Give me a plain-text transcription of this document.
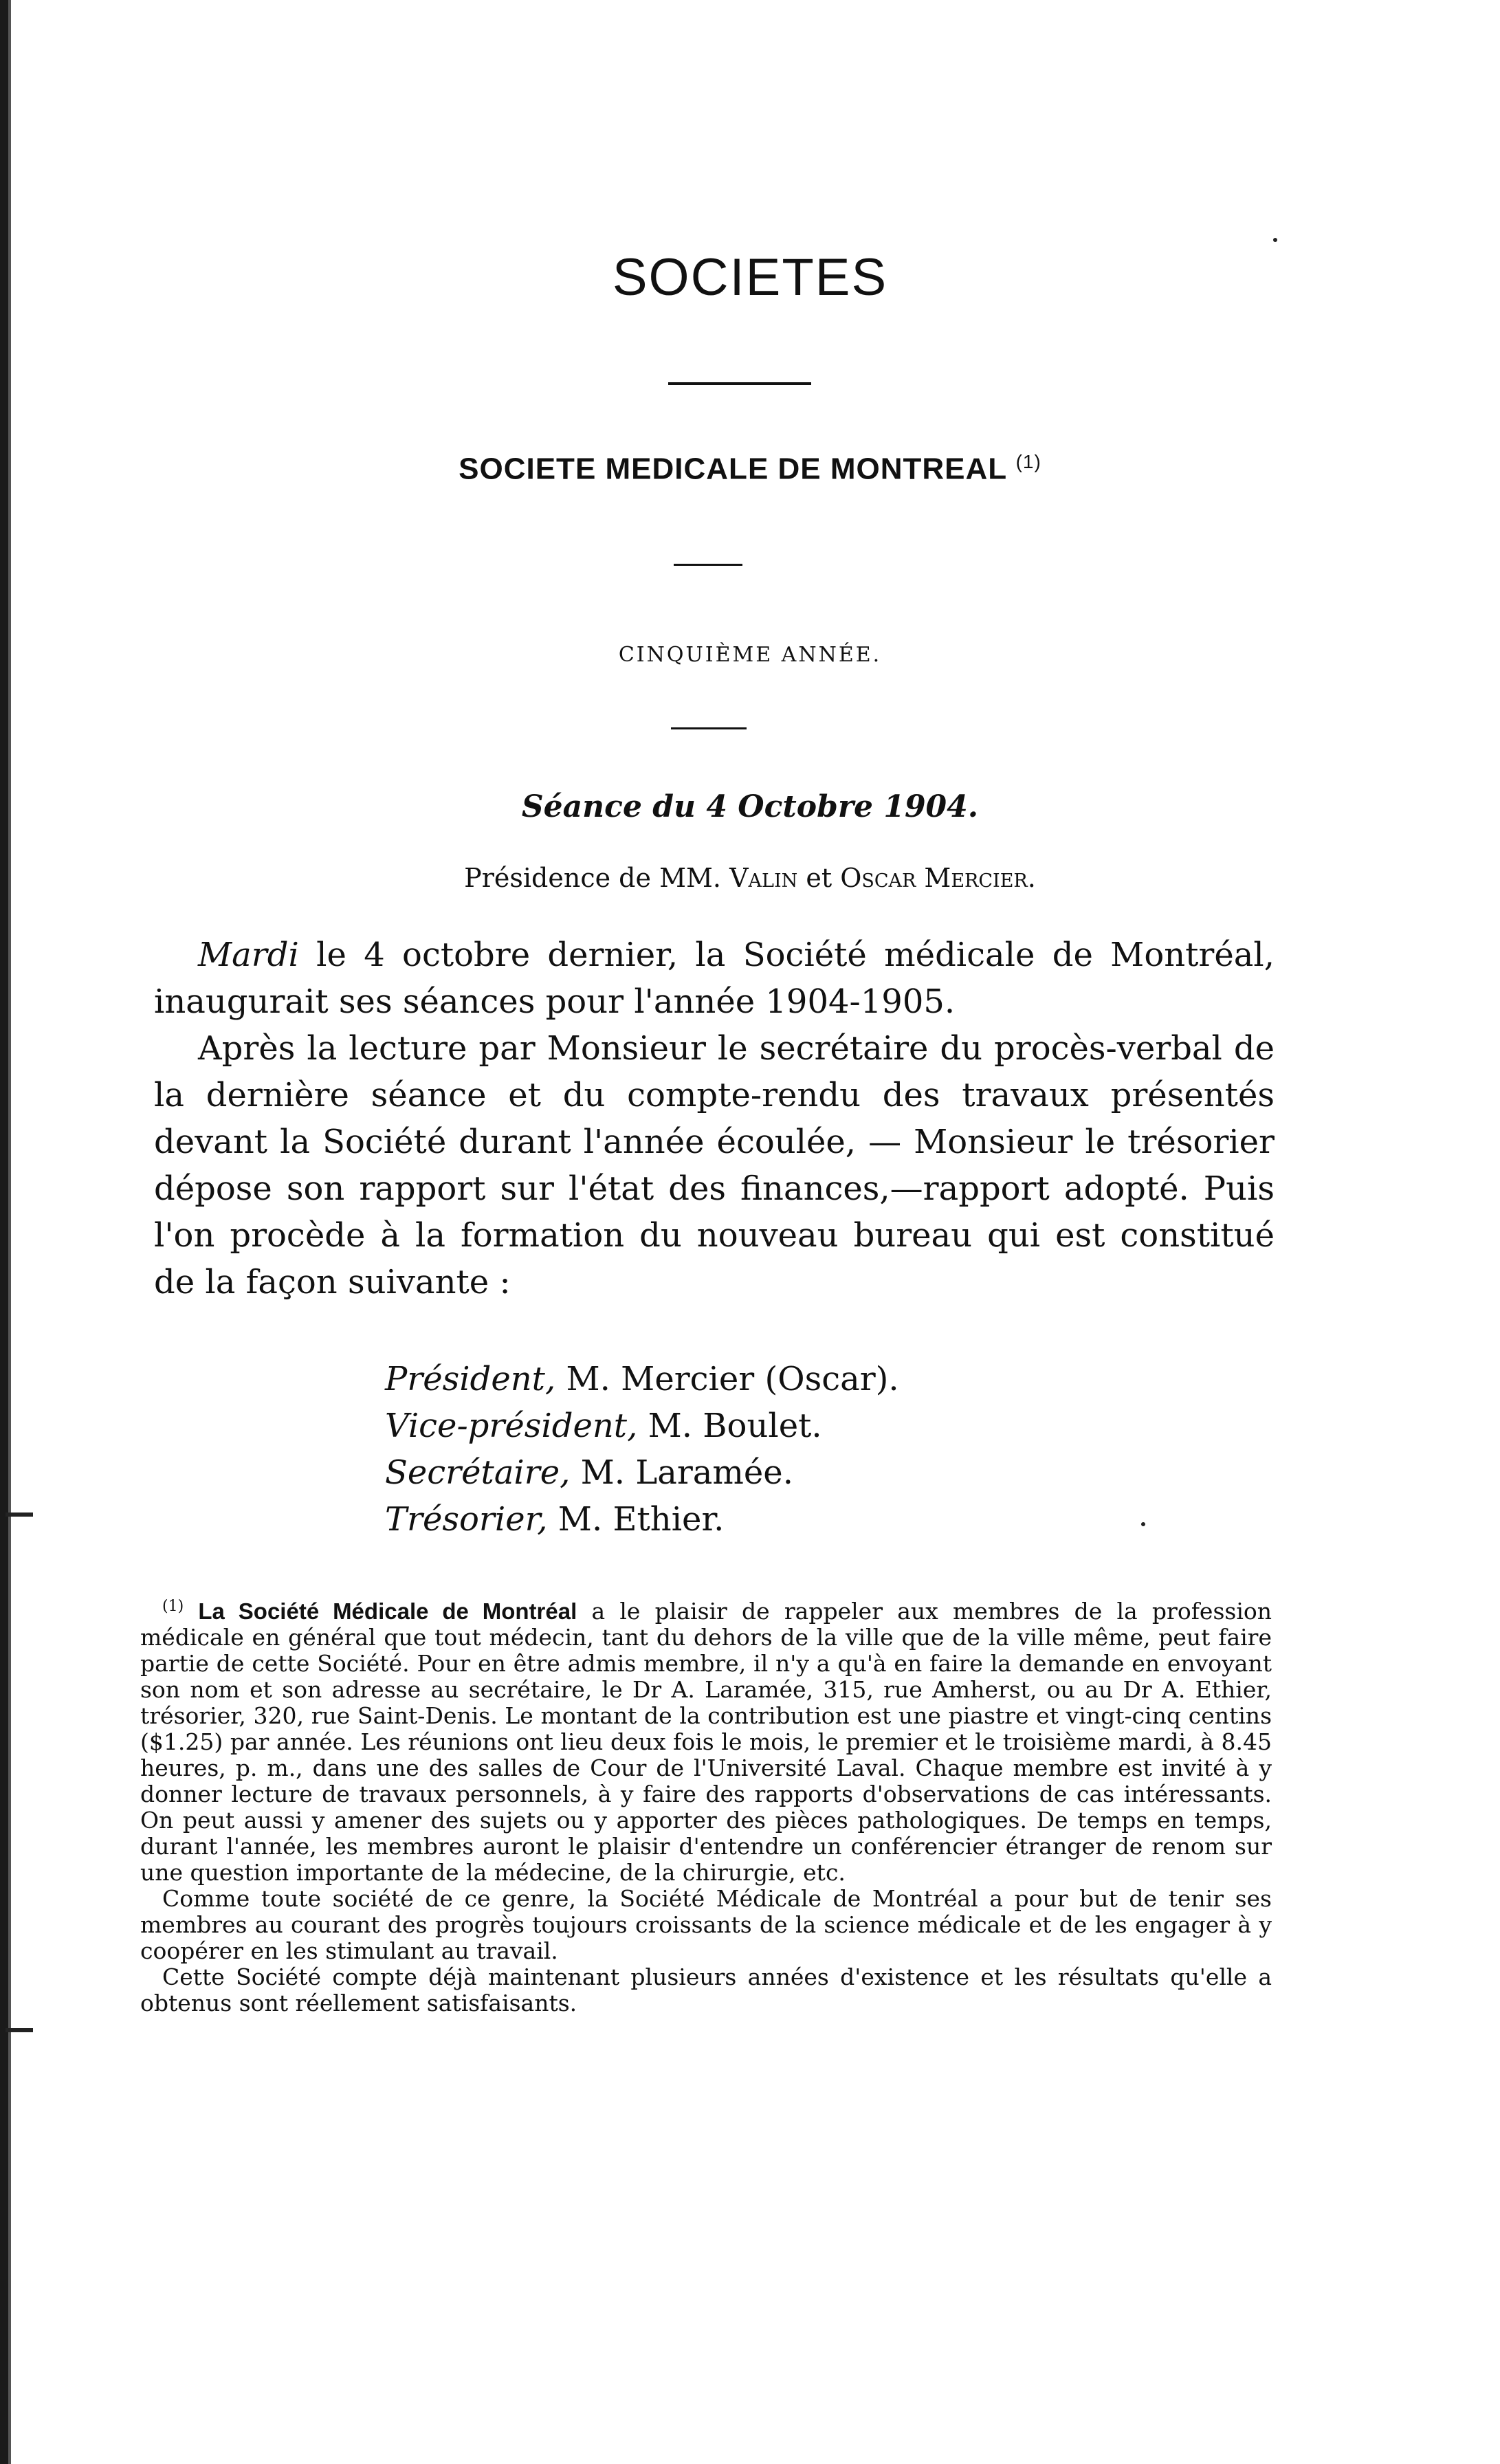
SOCIETES
SOCIETE MEDICALE DE MONTREAL $^{(1)}$
CINQUIÈME ANNÉE.
Séance du 4 Octobre 1904.
Présidence de MM. Valin et Oscar Mercier.

Mardi le 4 octobre dernier, la Société médicale de Montréal, inaugurait ses séances pour l'année 1904-1905.

Après la lecture par Monsieur le secrétaire du procès-verbal de la dernière séance et du compte-rendu des travaux présentés devant la Société durant l'année écoulée, — Monsieur le trésorier dépose son rapport sur l'état des finances,—rapport adopté. Puis l'on procède à la formation du nouveau bureau qui est constitué de la façon suivante :

Président, M. Mercier (Oscar).
Vice-président, M. Boulet.
Secrétaire, M. Laramée.
Trésorier, M. Ethier.

$^{(1)}$ La Société Médicale de Montréal a le plaisir de rappeler aux membres de la profession médicale en général que tout médecin, tant du dehors de la ville que de la ville même, peut faire partie de cette Société. Pour en être admis membre, il n'y a qu'à en faire la demande en envoyant son nom et son adresse au secrétaire, le Dr A. Laramée, 315, rue Amherst, ou au Dr A. Ethier, trésorier, 320, rue Saint-Denis. Le montant de la contribution est une piastre et vingt-cinq centins ($1.25) par année. Les réunions ont lieu deux fois le mois, le premier et le troisième mardi, à 8.45 heures, p. m., dans une des salles de Cour de l'Université Laval. Chaque membre est invité à y donner lecture de travaux personnels, à y faire des rapports d'observations de cas intéressants. On peut aussi y amener des sujets ou y apporter des pièces pathologiques. De temps en temps, durant l'année, les membres auront le plaisir d'entendre un conférencier étranger de renom sur une question importante de la médecine, de la chirurgie, etc.

Comme toute société de ce genre, la Société Médicale de Montréal a pour but de tenir ses membres au courant des progrès toujours croissants de la science médicale et de les engager à y coopérer en les stimulant au travail.

Cette Société compte déjà maintenant plusieurs années d'existence et les résultats qu'elle a obtenus sont réellement satisfaisants.
